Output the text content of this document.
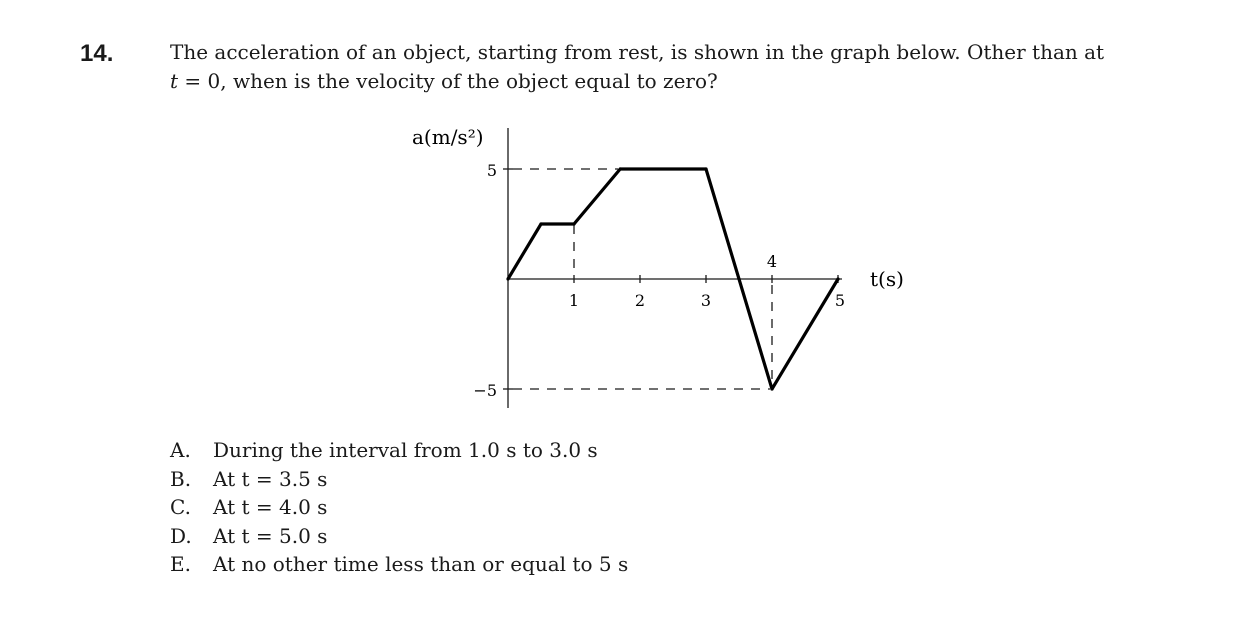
14.	The acceleration of an object, starting from rest, is shown in the graph below. Other than at
t = 0, when is the velocity of the object equal to zero?
a(m/s²)
t(s)
5
−5
1	2	3
4
5
A.	During the interval from 1.0 s to 3.0 s
B.	At t = 3.5 s
C.	At t = 4.0 s
D.	At t = 5.0 s
E.	At no other time less than or equal to 5 s
